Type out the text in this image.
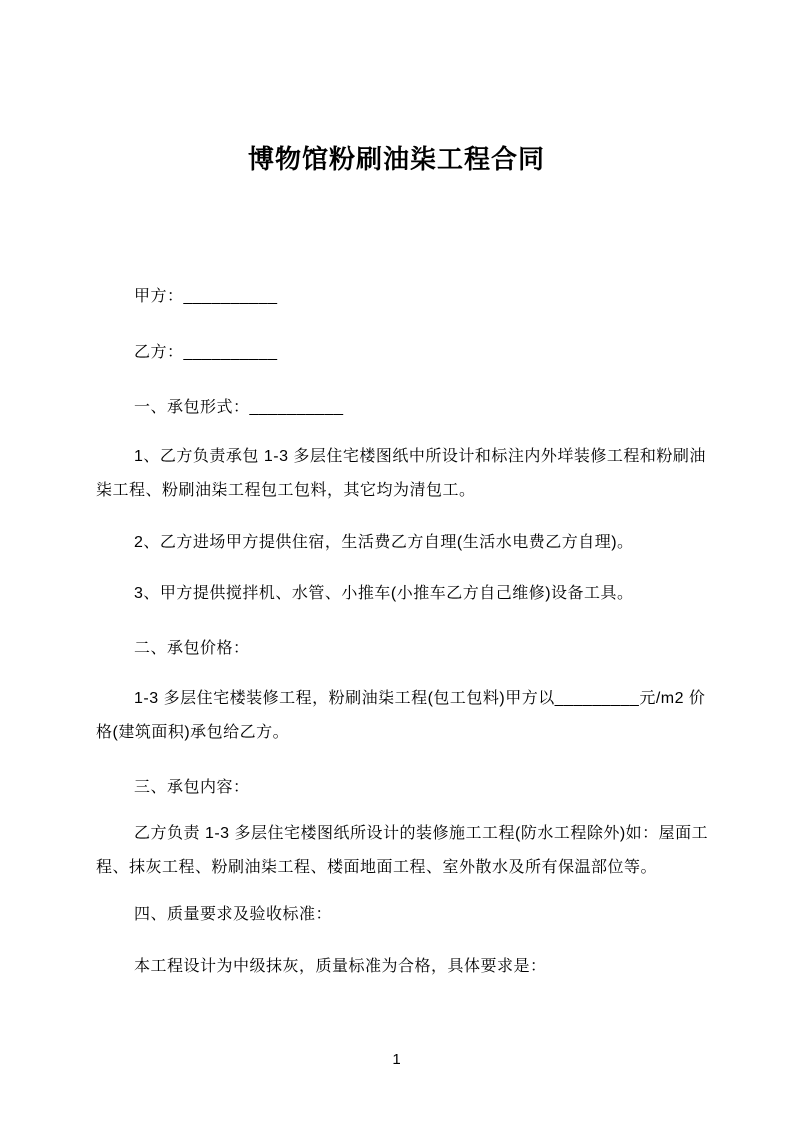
博物馆粉刷油柒工程合同
甲方：__________
乙方：__________
一、承包形式：__________
1、乙方负责承包 1-3 多层住宅楼图纸中所设计和标注内外垟装修工程和粉刷油
柒工程、粉刷油柒工程包工包料，其它均为清包工。
2、乙方进场甲方提供住宿，生活费乙方自理(生活水电费乙方自理)。
3、甲方提供搅拌机、水管、小推车(小推车乙方自己维修)设备工具。
二、承包价格：
1-3 多层住宅楼装修工程，粉刷油柒工程(包工包料)甲方以_________元/m2 价
格(建筑面积)承包给乙方。
三、承包内容：
乙方负责 1-3 多层住宅楼图纸所设计的装修施工工程(防水工程除外)如：屋面工
程、抹灰工程、粉刷油柒工程、楼面地面工程、室外散水及所有保温部位等。
四、质量要求及验收标准：
本工程设计为中级抹灰，质量标准为合格，具体要求是：
1
